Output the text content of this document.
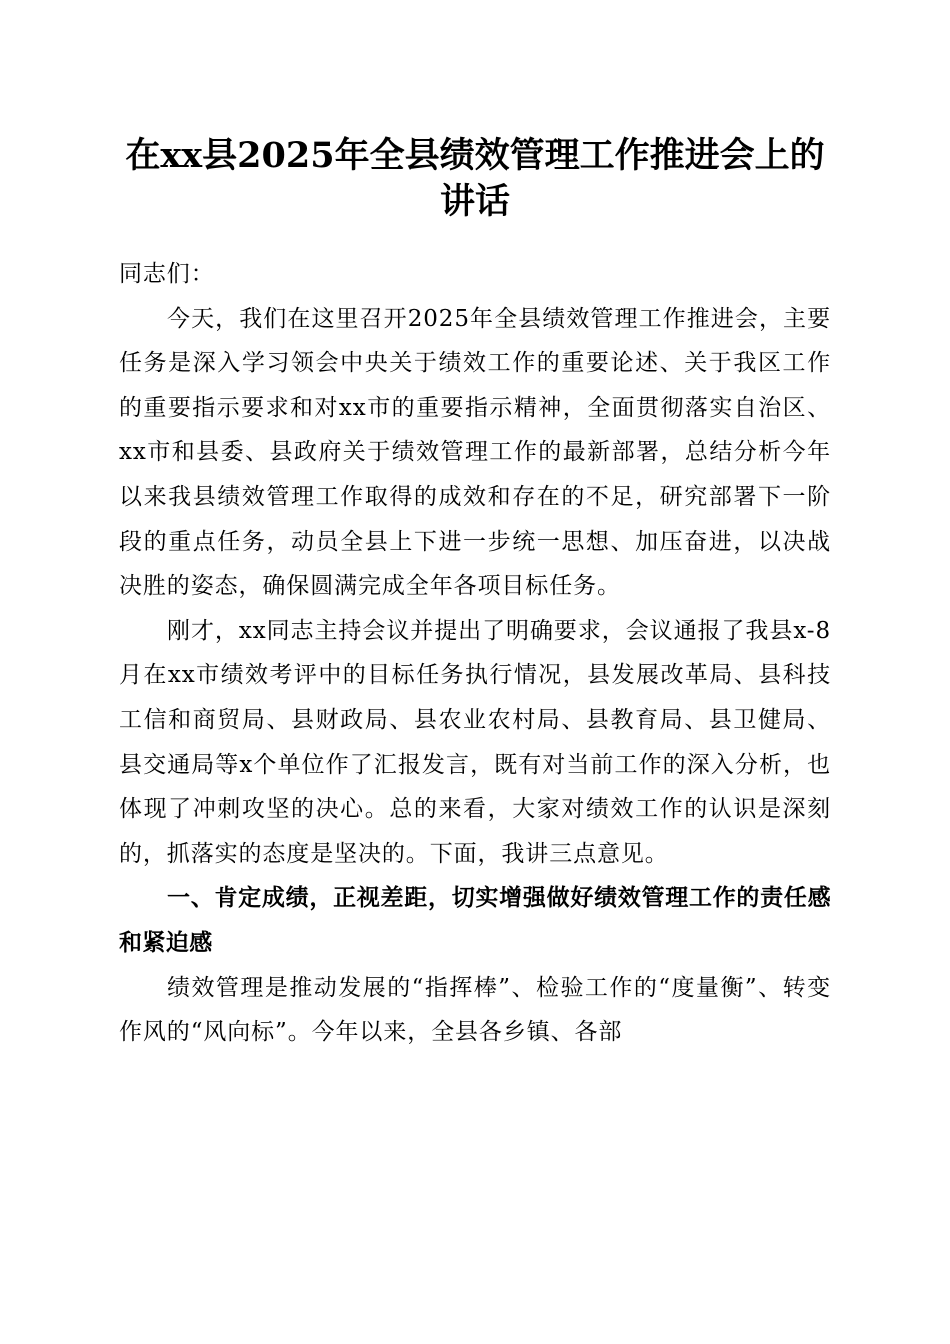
在xx县2025年全县绩效管理工作推进会上的
讲话

同志们：

今天，我们在这里召开2025年全县绩效管理工作推进会，主要任务是深入学习领会中央关于绩效工作的重要论述、关于我区工作的重要指示要求和对xx市的重要指示精神，全面贯彻落实自治区、xx市和县委、县政府关于绩效管理工作的最新部署，总结分析今年以来我县绩效管理工作取得的成效和存在的不足，研究部署下一阶段的重点任务，动员全县上下进一步统一思想、加压奋进，以决战决胜的姿态，确保圆满完成全年各项目标任务。

刚才，xx同志主持会议并提出了明确要求，会议通报了我县x-8月在xx市绩效考评中的目标任务执行情况，县发展改革局、县科技工信和商贸局、县财政局、县农业农村局、县教育局、县卫健局、县交通局等x个单位作了汇报发言，既有对当前工作的深入分析，也体现了冲刺攻坚的决心。总的来看，大家对绩效工作的认识是深刻的，抓落实的态度是坚决的。下面，我讲三点意见。

一、肯定成绩，正视差距，切实增强做好绩效管理工作的责任感和紧迫感

绩效管理是推动发展的“指挥棒”、检验工作的“度量衡”、转变作风的“风向标”。今年以来，全县各乡镇、各部
